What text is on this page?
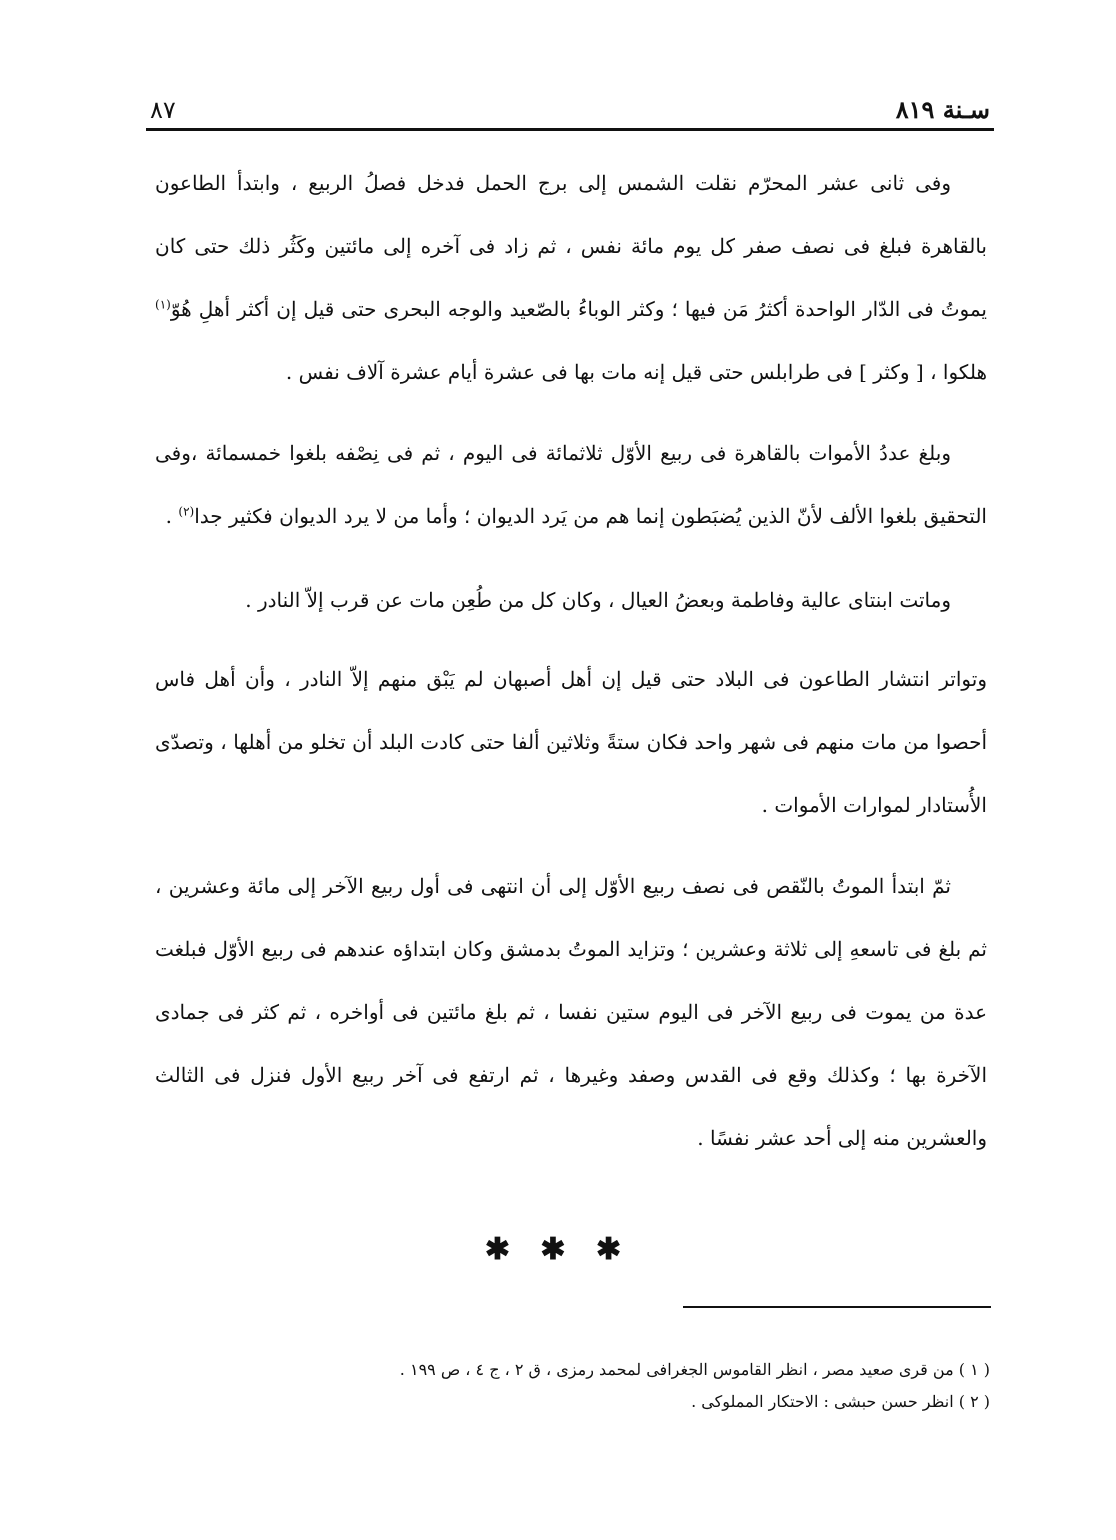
سـنة ٨١٩
٨٧

وفى ثانى عشر المحرّم نقلت الشمس إلى برج الحمل فدخل فصلُ الربيع ، وابتدأ الطاعون بالقاهرة فبلغ فى نصف صفر كل يوم مائة نفس ، ثم زاد فى آخره إلى مائتين وكَثُر ذلك حتى كان يموتُ فى الدّار الواحدة أكثرُ مَن فيها ؛ وكثر الوباءُ بالصّعيد والوجه البحرى حتى قيل إن أكثر أهلِ هُوّ$^{(١)}$ هلكوا ، [ وكثر ] فى طرابلس حتى قيل إنه مات بها فى عشرة أيام عشرة آلاف نفس .

وبلغ عددُ الأموات بالقاهرة فى ربيع الأوّل ثلاثمائة فى اليوم ، ثم فى نِصْفه بلغوا خمسمائة ،وفى التحقيق بلغوا الألف لأنّ الذين يُضبَطون إنما هم من يَرد الديوان ؛ وأما من لا يرد الديوان فكثير جدا$^{(٢)}$ .

وماتت ابنتاى عالية وفاطمة وبعضُ العيال ، وكان كل من طُعِن مات عن قرب إلاّ النادر .

وتواتر انتشار الطاعون فى البلاد حتى قيل إن أهل أصبهان لم يَبْق منهم إلاّ النادر ، وأن أهل فاس أحصوا من مات منهم فى شهر واحد فكان ستةً وثلاثين ألفا حتى كادت البلد أن تخلو من أهلها ، وتصدّى الأُستادار لموارات الأموات .

ثمّ ابتدأ الموتُ بالنّقص فى نصف ربيع الأوّل إلى أن انتهى فى أول ربيع الآخر إلى مائة وعشرين ، ثم بلغ فى تاسعهِ إلى ثلاثة وعشرين ؛ وتزايد الموتُ بدمشق وكان ابتداؤه عندهم فى ربيع الأوّل فبلغت عدة من يموت فى ربيع الآخر فى اليوم ستين نفسا ، ثم بلغ مائتين فى أواخره ، ثم كثر فى جمادى الآخرة بها ؛ وكذلك وقع فى القدس وصفد وغيرها ، ثم ارتفع فى آخر ربيع الأول فنزل فى الثالث والعشرين منه إلى أحد عشر نفسًا .

✱ ✱ ✱

( ١ ) من قرى صعيد مصر ، انظر القاموس الجغرافى لمحمد رمزى ، ق ٢ ، ج ٤ ، ص ١٩٩ .

( ٢ ) انظر حسن حبشى : الاحتكار المملوكى .
